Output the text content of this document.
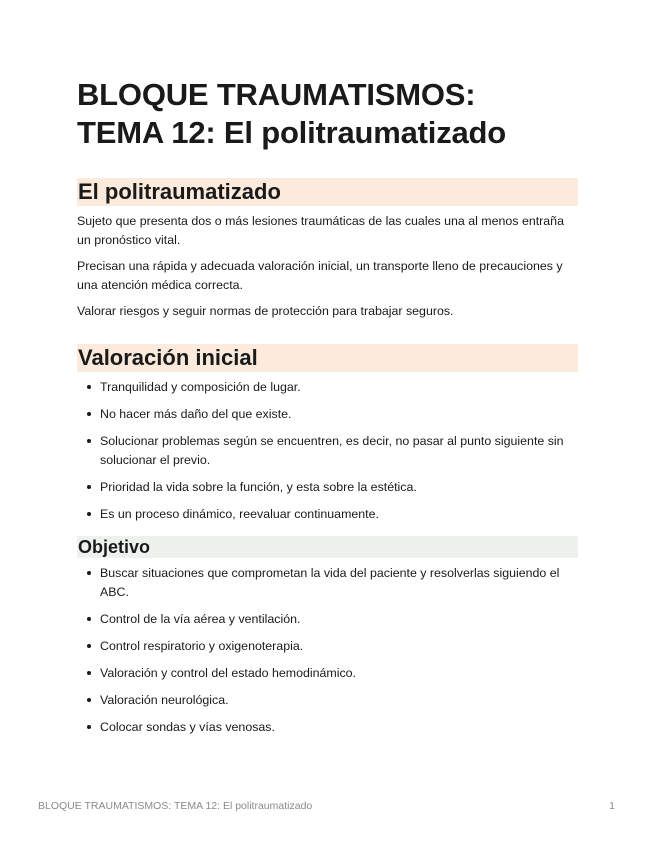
BLOQUE TRAUMATISMOS:
TEMA 12: El politraumatizado
El politraumatizado

Sujeto que presenta dos o más lesiones traumáticas de las cuales una al menos entraña un pronóstico vital.

Precisan una rápida y adecuada valoración inicial, un transporte lleno de precauciones y una atención médica correcta.

Valorar riesgos y seguir normas de protección para trabajar seguros.

Valoración inicial
Tranquilidad y composición de lugar.
No hacer más daño del que existe.
Solucionar problemas según se encuentren, es decir, no pasar al punto siguiente sin solucionar el previo.
Prioridad la vida sobre la función, y esta sobre la estética.
Es un proceso dinámico, reevaluar continuamente.
Objetivo
Buscar situaciones que comprometan la vida del paciente y resolverlas siguiendo el ABC.
Control de la vía aérea y ventilación.
Control respiratorio y oxigenoterapia.
Valoración y control del estado hemodinámico.
Valoración neurológica.
Colocar sondas y vías venosas.
BLOQUE TRAUMATISMOS: TEMA 12: El politraumatizado	1
